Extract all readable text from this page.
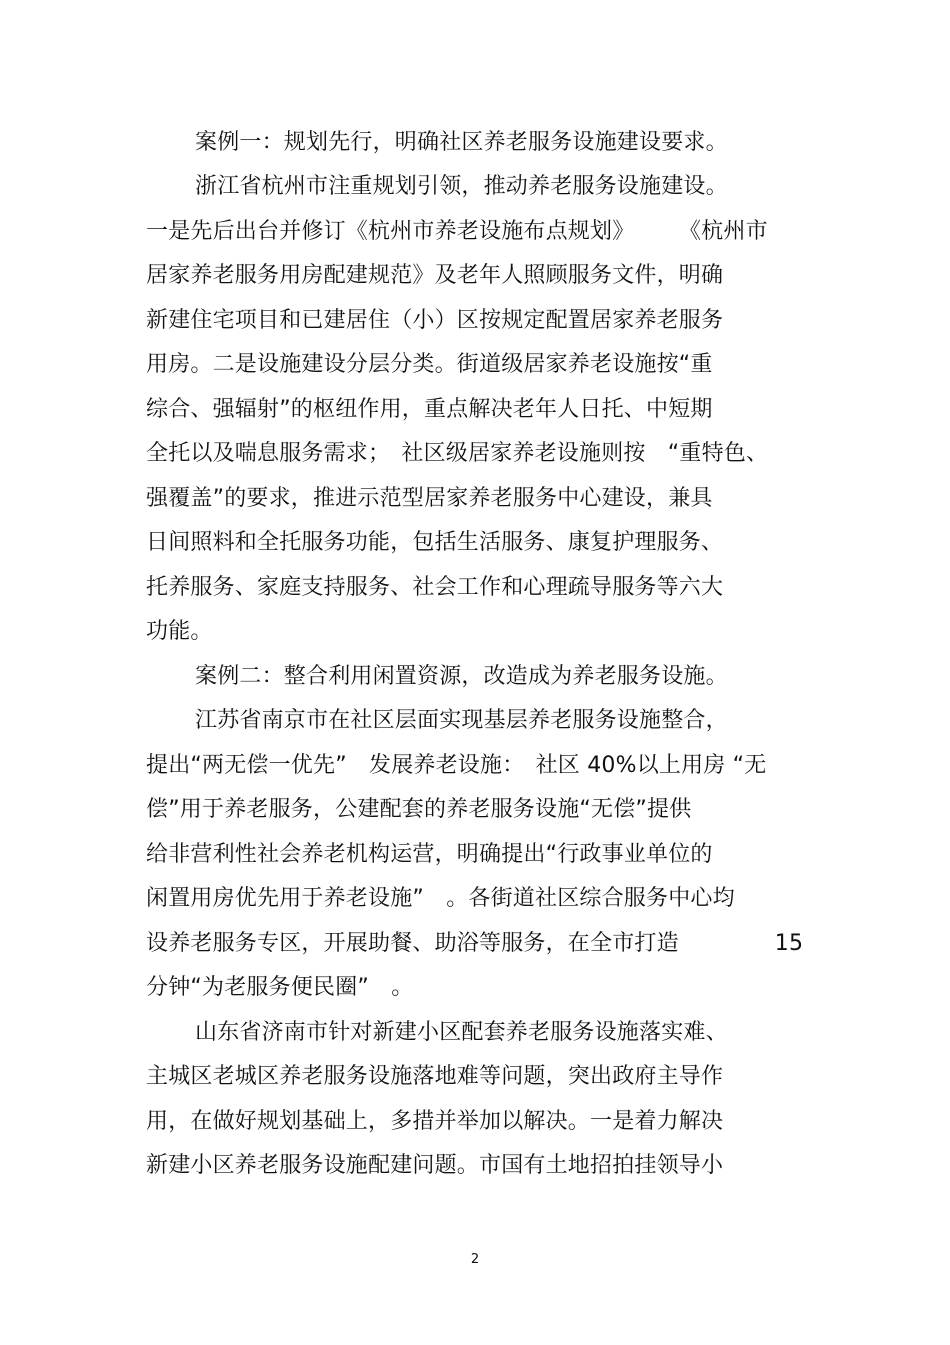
案例一：规划先行，明确社区养老服务设施建设要求。
浙江省杭州市注重规划引领，推动养老服务设施建设。
一是先后出台并修订《杭州市养老设施布点规划》　　　《杭州市
居家养老服务用房配建规范》及老年人照顾服务文件，明确
新建住宅项目和已建居住（小）区按规定配置居家养老服务
用房。二是设施建设分层分类。街道级居家养老设施按“重
综合、强辐射”的枢纽作用，重点解决老年人日托、中短期
全托以及喘息服务需求；　社区级居家养老设施则按　“重特色、
强覆盖”的要求，推进示范型居家养老服务中心建设，兼具
日间照料和全托服务功能，包括生活服务、康复护理服务、
托养服务、家庭支持服务、社会工作和心理疏导服务等六大
功能。
案例二：整合利用闲置资源，改造成为养老服务设施。
江苏省南京市在社区层面实现基层养老服务设施整合，
提出“两无偿一优先”　发展养老设施：　社区 40%以上用房 “无
偿”用于养老服务，公建配套的养老服务设施“无偿”提供
给非营利性社会养老机构运营，明确提出“行政事业单位的
闲置用房优先用于养老设施”　。各街道社区综合服务中心均
设养老服务专区，开展助餐、助浴等服务，在全市打造　　　　 15
分钟“为老服务便民圈”　。
山东省济南市针对新建小区配套养老服务设施落实难、
主城区老城区养老服务设施落地难等问题，突出政府主导作
用，在做好规划基础上，多措并举加以解决。一是着力解决
新建小区养老服务设施配建问题。市国有土地招拍挂领导小
2
